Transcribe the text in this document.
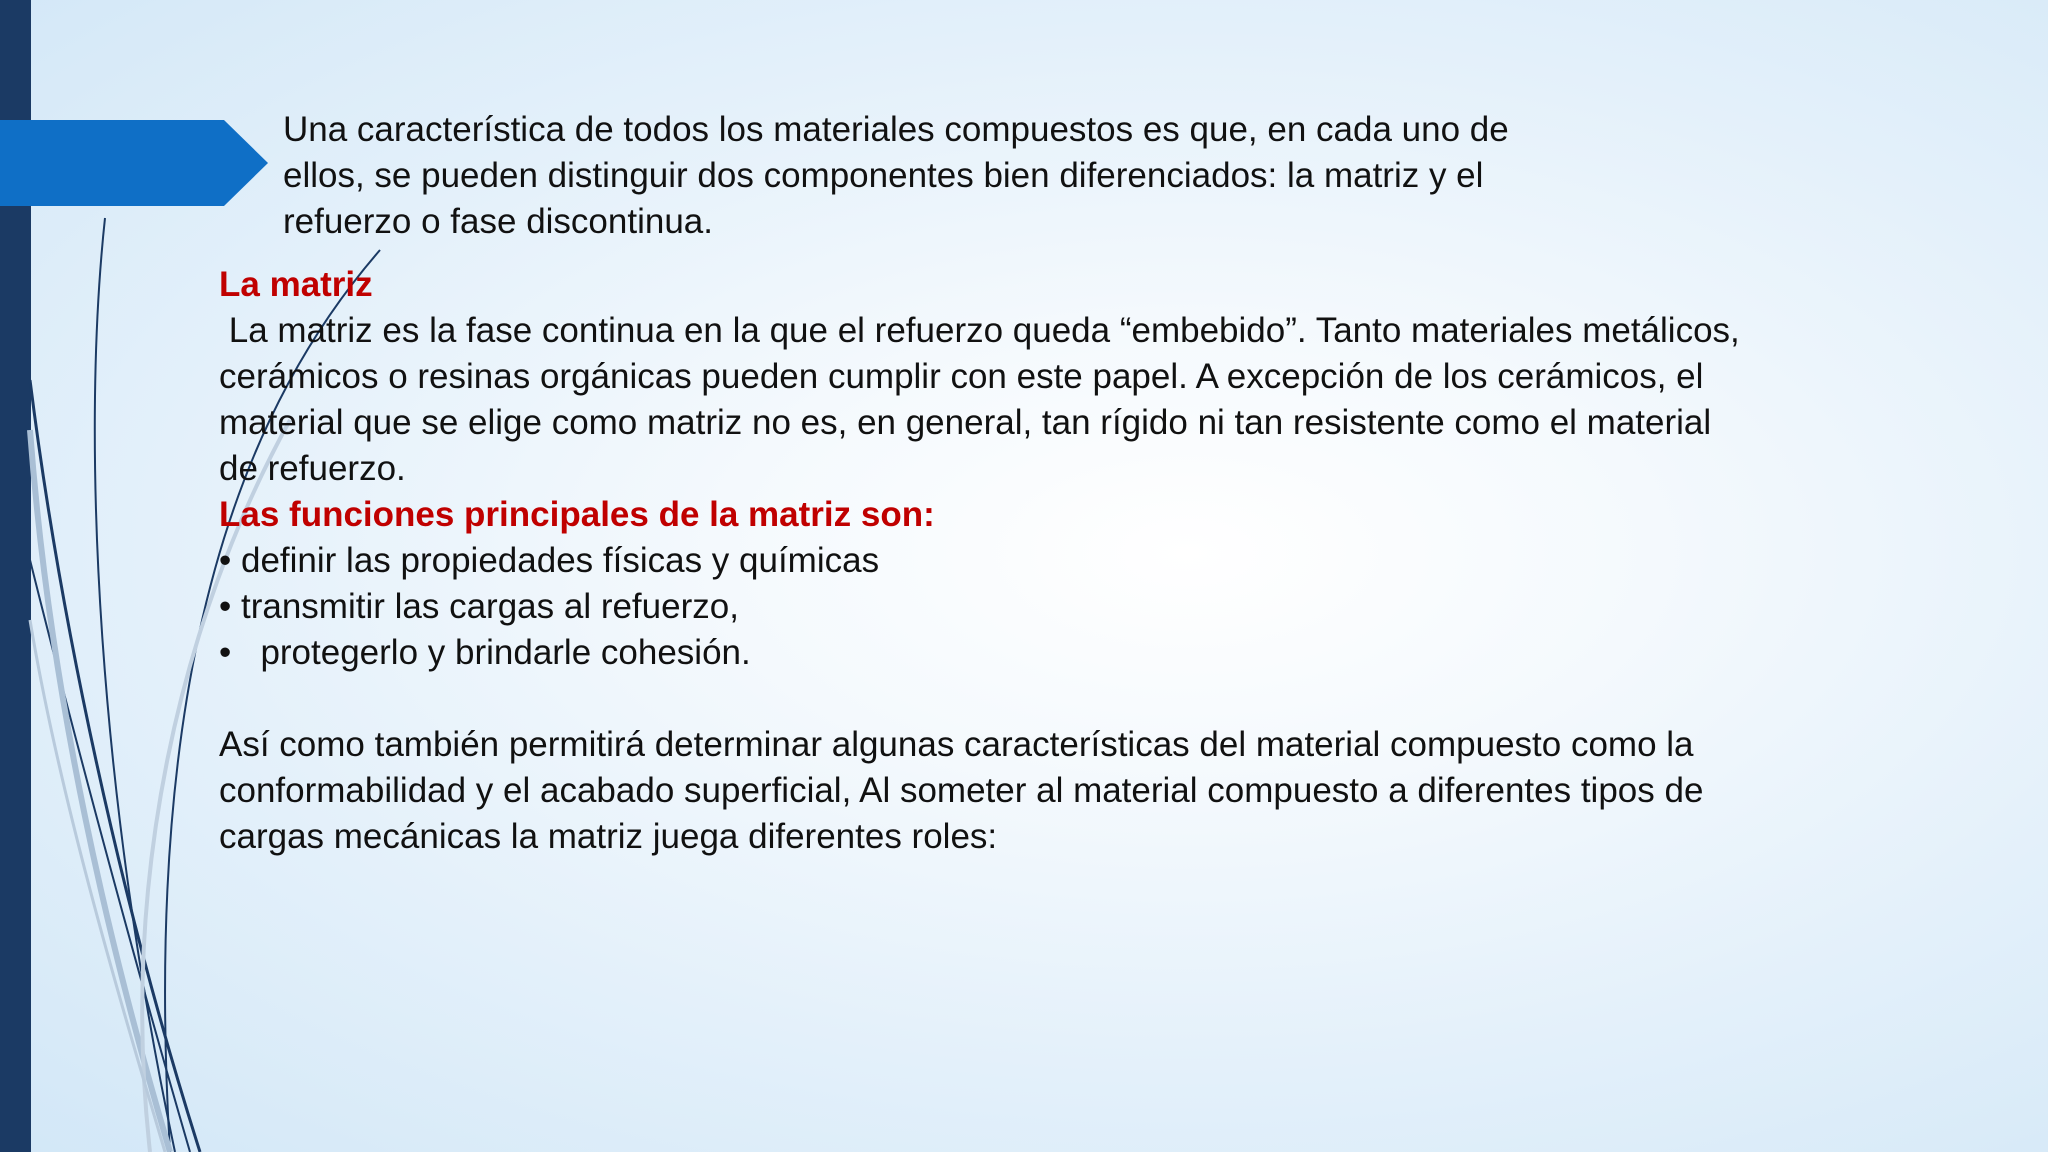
Una característica de todos los materiales compuestos es que, en cada uno de
ellos, se pueden distinguir dos componentes bien diferenciados: la matriz y el
refuerzo o fase discontinua.
La matriz
La matriz es la fase continua en la que el refuerzo queda “embebido”. Tanto materiales metálicos,
cerámicos o resinas orgánicas pueden cumplir con este papel. A excepción de los cerámicos, el
material que se elige como matriz no es, en general, tan rígido ni tan resistente como el material
de refuerzo.
Las funciones principales de la matriz son:
• definir las propiedades físicas y químicas
• transmitir las cargas al refuerzo,
•   protegerlo y brindarle cohesión.
Así como también permitirá determinar algunas características del material compuesto como la
conformabilidad y el acabado superficial, Al someter al material compuesto a diferentes tipos de
cargas mecánicas la matriz juega diferentes roles:
